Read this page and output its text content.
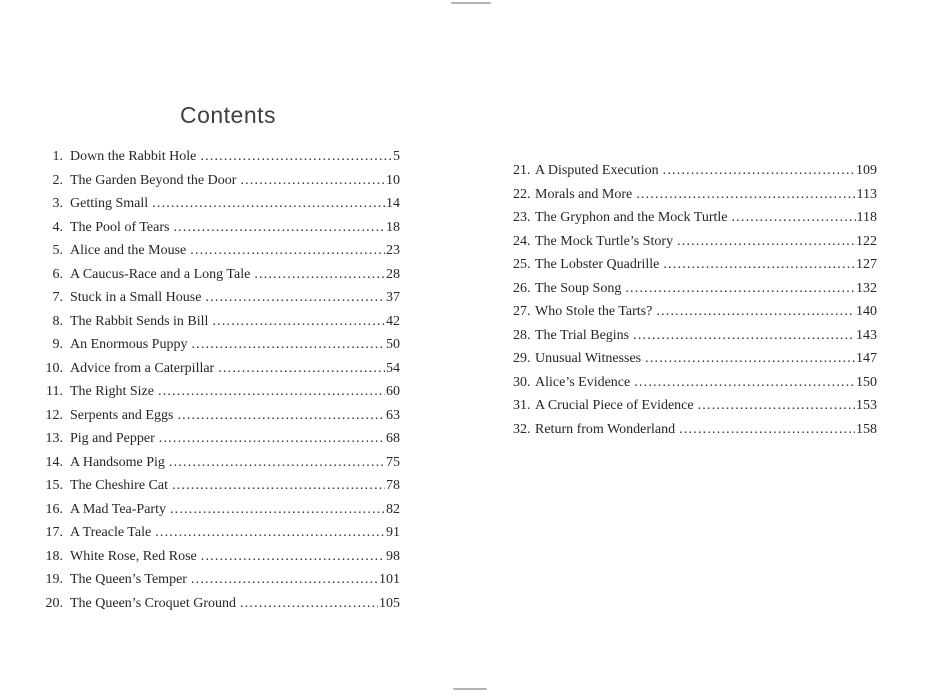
Contents
1. Down the Rabbit Hole .....	5
2. The Garden Beyond the Door .....	10
3. Getting Small .....	14
4. The Pool of Tears .....	18
5. Alice and the Mouse .....	23
6. A Caucus-Race and a Long Tale .....	28
7. Stuck in a Small House .....	37
8. The Rabbit Sends in Bill .....	42
9. An Enormous Puppy .....	50
10. Advice from a Caterpillar .....	54
11. The Right Size .....	60
12. Serpents and Eggs .....	63
13. Pig and Pepper .....	68
14. A Handsome Pig .....	75
15. The Cheshire Cat .....	78
16. A Mad Tea-Party .....	82
17. A Treacle Tale .....	91
18. White Rose, Red Rose .....	98
19. The Queen’s Temper .....	101
20. The Queen’s Croquet Ground .....	105
21. A Disputed Execution .....	109
22. Morals and More .....	113
23. The Gryphon and the Mock Turtle .....	118
24. The Mock Turtle’s Story .....	122
25. The Lobster Quadrille .....	127
26. The Soup Song .....	132
27. Who Stole the Tarts? .....	140
28. The Trial Begins .....	143
29. Unusual Witnesses .....	147
30. Alice’s Evidence .....	150
31. A Crucial Piece of Evidence .....	153
32. Return from Wonderland .....	158
